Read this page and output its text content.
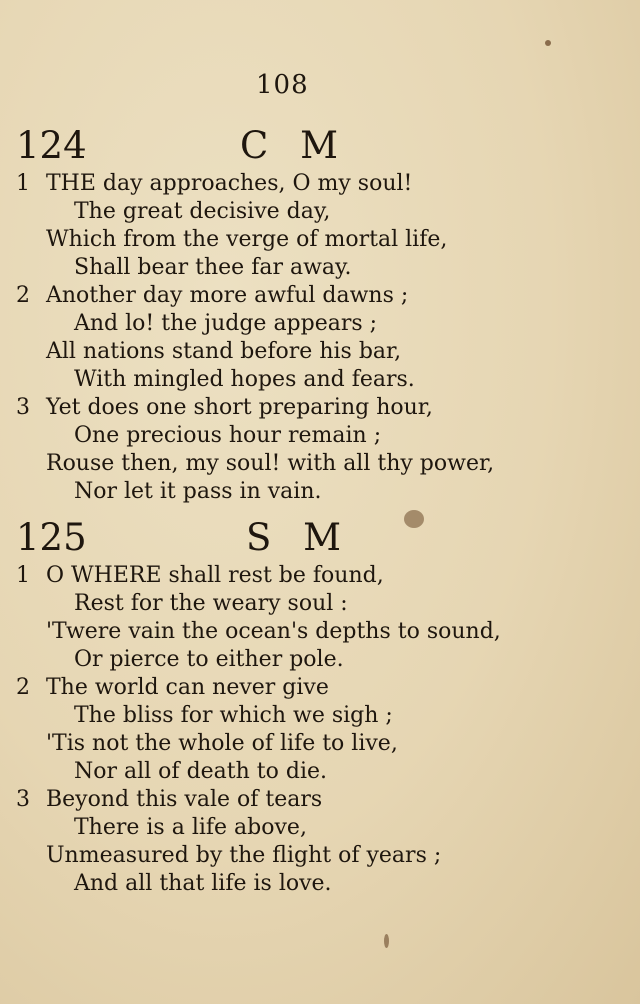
108
124	C M
1 THE day approaches, O my soul!
The great decisive day,
Which from the verge of mortal life,
Shall bear thee far away.
2 Another day more awful dawns ;
And lo! the judge appears ;
All nations stand before his bar,
With mingled hopes and fears.
3 Yet does one short preparing hour,
One precious hour remain ;
Rouse then, my soul! with all thy power,
Nor let it pass in vain.
125	S M
1 O WHERE shall rest be found,
Rest for the weary soul :
'Twere vain the ocean's depths to sound,
Or pierce to either pole.
2 The world can never give
The bliss for which we sigh ;
'Tis not the whole of life to live,
Nor all of death to die.
3 Beyond this vale of tears
There is a life above,
Unmeasured by the flight of years ;
And all that life is love.
